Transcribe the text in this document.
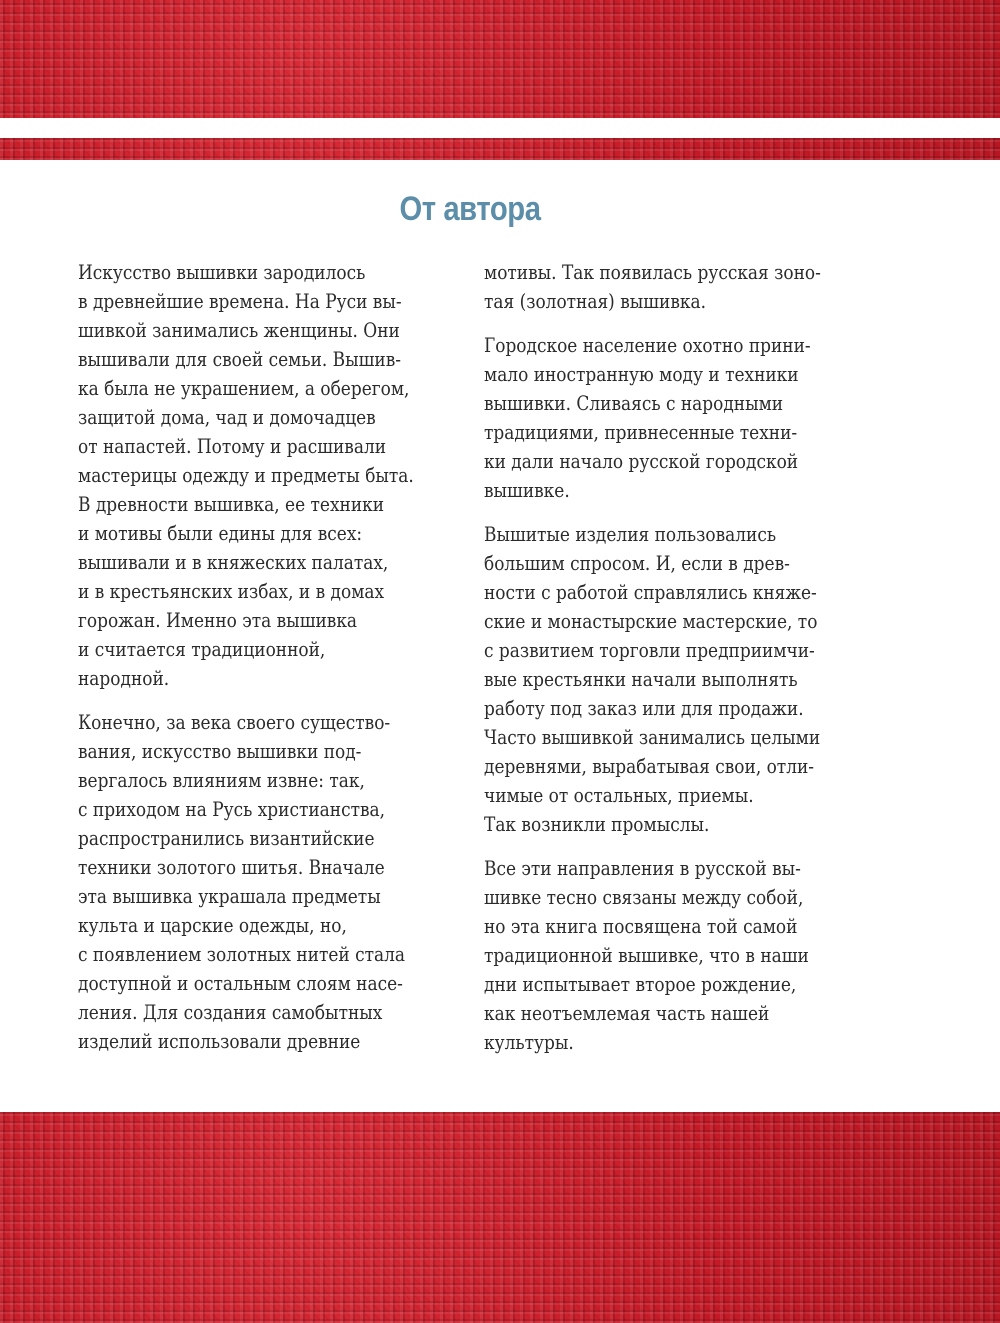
От автора

Искусство вышивки зародилось
в древнейшие времена. На Руси вы-
шивкой занимались женщины. Они
вышивали для своей семьи. Вышив-
ка была не украшением, а оберегом,
защитой дома, чад и домочадцев
от напастей. Потому и расшивали
мастерицы одежду и предметы быта.
В древности вышивка, ее техники
и мотивы были едины для всех:
вышивали и в княжеских палатах,
и в крестьянских избах, и в домах
горожан. Именно эта вышивка
и считается традиционной,
народной.

Конечно, за века своего существо-
вания, искусство вышивки под-
вергалось влияниям извне: так,
с приходом на Русь христианства,
распространились византийские
техники золотого шитья. Вначале
эта вышивка украшала предметы
культа и царские одежды, но,
с появлением золотных нитей стала
доступной и остальным слоям насе-
ления. Для создания самобытных
изделий использовали древние

мотивы. Так появилась русская зоно-
тая (золотная) вышивка.

Городское население охотно прини-
мало иностранную моду и техники
вышивки. Сливаясь с народными
традициями, привнесенные техни-
ки дали начало русской городской
вышивке.

Вышитые изделия пользовались
большим спросом. И, если в древ-
ности с работой справлялись княже-
ские и монастырские мастерские, то
с развитием торговли предприимчи-
вые крестьянки начали выполнять
работу под заказ или для продажи.
Часто вышивкой занимались целыми
деревнями, вырабатывая свои, отли-
чимые от остальных, приемы.
Так возникли промыслы.

Все эти направления в русской вы-
шивке тесно связаны между собой,
но эта книга посвящена той самой
традиционной вышивке, что в наши
дни испытывает второе рождение,
как неотъемлемая часть нашей
культуры.
